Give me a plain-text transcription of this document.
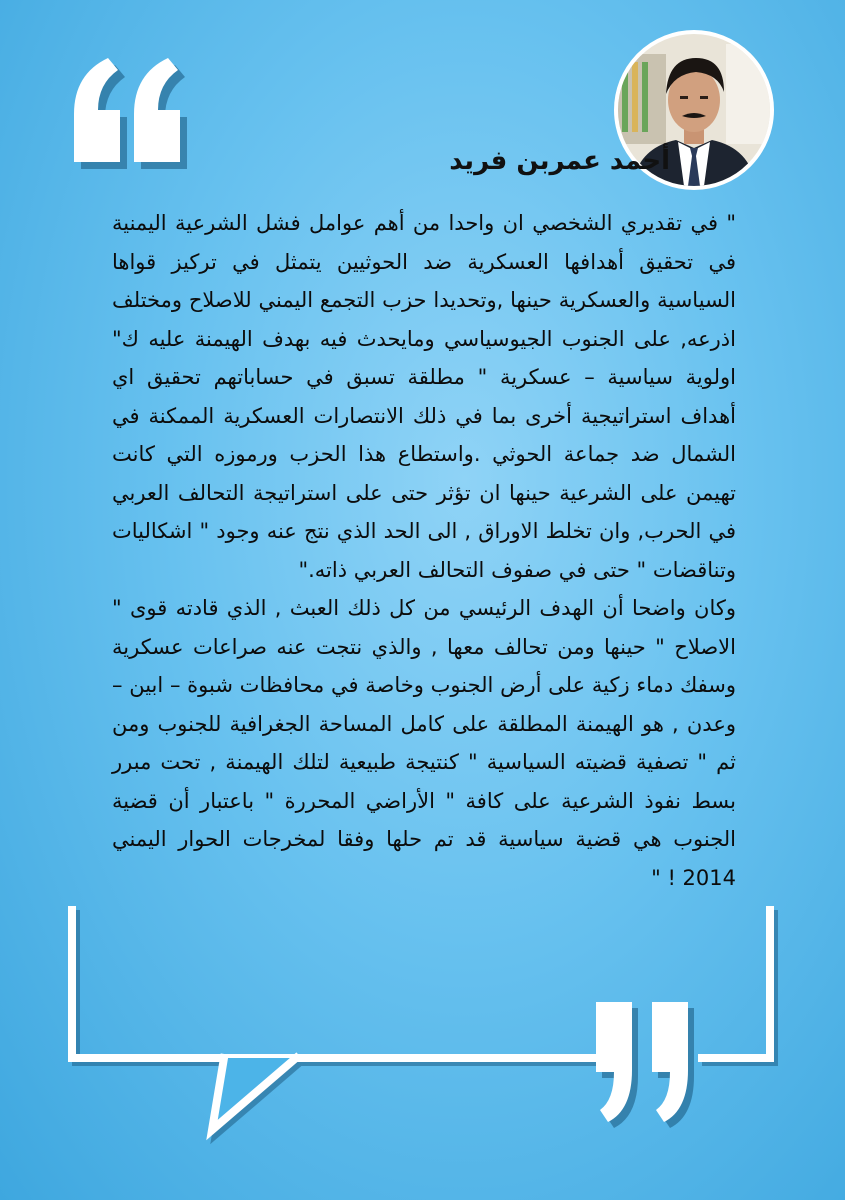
أحمد عمربن فريد

" في تقديري الشخصي ان واحدا من أهم عوامل فشل الشرعية اليمنية في تحقيق أهدافها العسكرية ضد الحوثيين يتمثل في تركيز قواها السياسية والعسكرية حينها ,وتحديدا حزب التجمع اليمني للاصلاح ومختلف اذرعه, على الجنوب الجيوسياسي ومايحدث فيه بهدف الهيمنة عليه ك" اولوية سياسية – عسكرية " مطلقة تسبق في حساباتهم تحقيق اي أهداف استراتيجية أخرى بما في ذلك الانتصارات العسكرية الممكنة في الشمال ضد جماعة الحوثي .واستطاع هذا الحزب ورموزه التي كانت تهيمن على الشرعية حينها ان تؤثر حتى على استراتيجة التحالف العربي في الحرب, وان تخلط الاوراق , الى الحد الذي نتج عنه وجود " اشكاليات وتناقضات " حتى في صفوف التحالف العربي ذاته."

وكان واضحا أن الهدف الرئيسي من كل ذلك العبث , الذي قادته قوى " الاصلاح " حينها ومن تحالف معها , والذي نتجت عنه صراعات عسكرية وسفك دماء زكية على أرض الجنوب وخاصة في محافظات شبوة – ابين – وعدن , هو الهيمنة المطلقة على كامل المساحة الجغرافية للجنوب ومن ثم " تصفية قضيته السياسية " كنتيجة طبيعية لتلك الهيمنة , تحت مبرر بسط نفوذ الشرعية على كافة " الأراضي المحررة " باعتبار أن قضية الجنوب هي قضية سياسية قد تم حلها وفقا لمخرجات الحوار اليمني 2014 ! "
